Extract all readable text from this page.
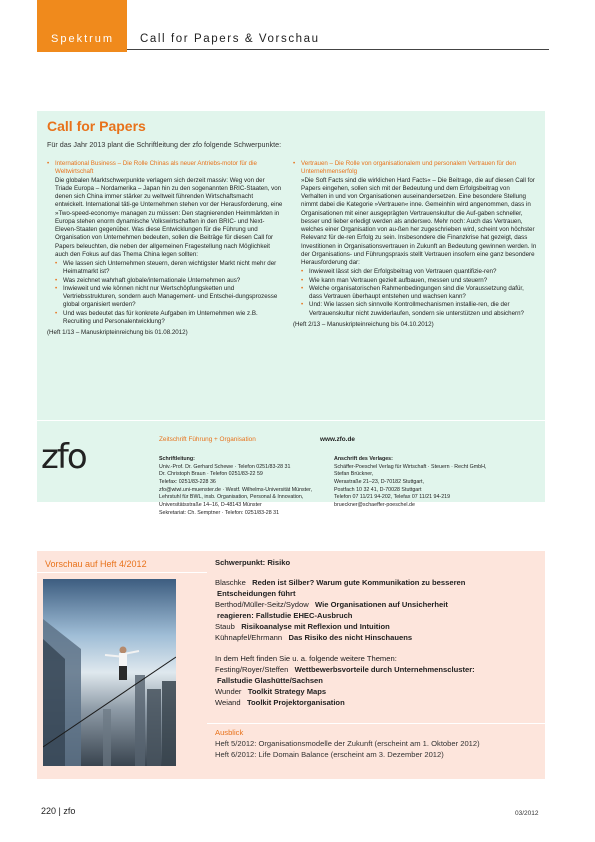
Spektrum Call for Papers & Vorschau
Call for Papers
Für das Jahr 2013 plant die Schriftleitung der zfo folgende Schwerpunkte:
• International Business – Die Rolle Chinas als neuer Antriebs-motor für die Weltwirtschaft
Die globalen Marktschwerpunkte verlagern sich derzeit massiv: Weg von der Triade Europa – Nordamerika – Japan hin zu den sogenannten BRIC-Staaten, von denen sich China immer stärker zu weltweit führenden Wirtschaftsmacht entwickelt. International täti-ge Unternehmen stehen vor der Herausforderung, eine »Two-speed-economy« managen zu müssen: Den stagnierenden Heimmärkten in Europa stehen enorm dynamische Volkswirtschaften in den BRIC- und Next-Eleven-Staaten gegenüber. Was diese Entwicklungen für die Führung und Organisation von Unternehmen bedeuten, sollen die Beiträge für diesen Call for Papers beleuchten, die neben der allgemeinen Fragestellung nach Möglichkeit auch den Fokus auf das Thema China legen sollten:
• Wie lassen sich Unternehmen steuern, deren wichtigster Markt nicht mehr der Heimatmarkt ist?
• Was zeichnet wahrhaft globale/internationale Unternehmen aus?
• Inwieweit und wie können nicht nur Wertschöpfungsketten und Vertriebsstrukturen, sondern auch Management- und Entschei-dungsprozesse global organisiert werden?
• Und was bedeutet das für konkrete Aufgaben im Unternehmen wie z.B. Recruiting und Personalentwicklung?
(Heft 1/13 – Manuskripteinreichung bis 01.08.2012)
• Vertrauen – Die Rolle von organisationalem und personalem Vertrauen für den Unternehmenserfolg
»Die Soft Facts sind die wirklichen Hard Facts« – Die Beitrage, die auf diesen Call for Papers eingehen, sollen sich mit der Bedeutung und dem Erfolgsbeitrag von Verhalten in und von Organisationen auseinandersetzen. Eine besondere Stellung nimmt dabei die Kategorie »Vertrauen« inne. Gemeinhin wird angenommen, dass in Organisationen mit einer ausgeprägten Vertrauenskultur die Auf-gaben schneller, besser und lieber erledigt werden als anderswo. Mehr noch: Auch das Vertrauen, welches einer Organisation von au-ßen her zugeschrieben wird, scheint von höchster Relevanz für de-ren Erfolg zu sein. Insbesondere die Finanzkrise hat gezeigt, dass Investitionen in Organisationsvertrauen in Zukunft an Bedeutung gewinnen werden. In der Organisations- und Führungspraxis stellt Vertrauen insofern eine ganz besondere Herausforderung dar:
• Inwieweit lässt sich der Erfolgsbeitrag von Vertrauen quantifizie-ren?
• Wie kann man Vertrauen gezielt aufbauen, messen und steuern?
• Welche organisatorischen Rahmenbedingungen sind die Voraussetzung dafür, dass Vertrauen überhaupt entstehen und wachsen kann?
• Und: Wie lassen sich sinnvolle Kontrollmechanismen installie-ren, die der Vertrauenskultur nicht zuwiderlaufen, sondern sie unterstützen und absichern?
(Heft 2/13 – Manuskripteinreichung bis 04.10.2012)
zfo	Zeitschrift Führung + Organisation	www.zfo.de
Schriftleitung:
Univ.-Prof. Dr. Gerhard Schewe · Telefon 0251/83-28 31
Dr. Christoph Braun · Telefon 0251/83-22 59
Telefax: 0251/83-228 36
zfo@wiwi.uni-muenster.de · Westf. Wilhelms-Universität Münster,
Lehrstuhl für BWL, insb. Organisation, Personal & Innovation,
Universitätsstraße 14–16, D-48143 Münster
Sekretariat: Ch. Semptner · Telefon: 0251/83-28 31
Anschrift des Verlages:
Schäffer-Poeschel Verlag für Wirtschaft · Steuern · Recht GmbH,
Stefan Brückner,
Werastraße 21–23, D-70182 Stuttgart,
Postfach 10 32 41, D-70028 Stuttgart
Telefon 07 11/21 94-202, Telefax 07 11/21 94-219
brueckner@schaeffer-poeschel.de
Vorschau auf Heft 4/2012	Schwerpunkt: Risiko
Blaschke Reden ist Silber? Warum gute Kommunikation zu besseren
Entscheidungen führt
Berthod/Müller-Seitz/Sydow Wie Organisationen auf Unsicherheit
reagieren: Fallstudie EHEC-Ausbruch
Staub Risikoanalyse mit Reflexion und Intuition
Kühnapfel/Ehrmann Das Risiko des nicht Hinschauens
In dem Heft finden Sie u. a. folgende weitere Themen:
Festing/Royer/Steffen Wettbewerbsvorteile durch Unternehmenscluster:
Fallstudie Glashütte/Sachsen
Wunder Toolkit Strategy Maps
Weiand Toolkit Projektorganisation
Ausblick
Heft 5/2012: Organisationsmodelle der Zukunft (erscheint am 1. Oktober 2012)
Heft 6/2012: Life Domain Balance (erscheint am 3. Dezember 2012)
220 | zfo	03/2012
